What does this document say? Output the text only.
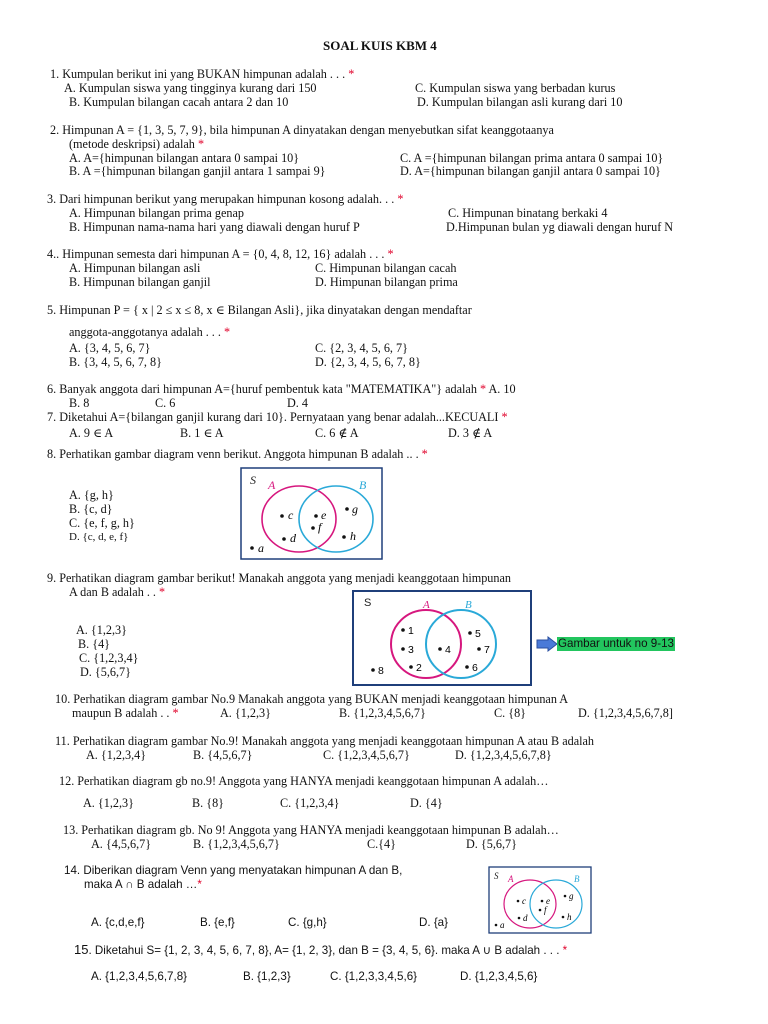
SOAL KUIS KBM 4
1. Kumpulan berikut ini yang BUKAN himpunan adalah . . . *
A. Kumpulan siswa yang tingginya kurang dari 150	C. Kumpulan siswa yang berbadan kurus
B. Kumpulan bilangan cacah antara 2 dan 10	D. Kumpulan bilangan asli kurang dari 10
2. Himpunan A = {1, 3, 5, 7, 9}, bila himpunan A dinyatakan dengan menyebutkan sifat keanggotaanya
(metode deskripsi) adalah *
A. A={himpunan bilangan antara 0 sampai 10}	C. A ={himpunan bilangan prima antara 0 sampai 10}
B. A ={himpunan bilangan ganjil antara 1 sampai 9}	D. A={himpunan bilangan ganjil antara 0 sampai 10}
3. Dari himpunan berikut yang merupakan himpunan kosong adalah. . . *
A. Himpunan bilangan prima genap	C. Himpunan binatang berkaki 4
B. Himpunan nama-nama hari yang diawali dengan huruf P	D.Himpunan bulan yg diawali dengan huruf N
4.. Himpunan semesta dari himpunan A = {0, 4, 8, 12, 16} adalah . . . *
A. Himpunan bilangan asli	C. Himpunan bilangan cacah
B. Himpunan bilangan ganjil	D. Himpunan bilangan prima
5. Himpunan P = { x | 2 ≤ x ≤ 8, x ∈ Bilangan Asli}, jika dinyatakan dengan mendaftar
anggota-anggotanya adalah . . . *
A. {3, 4, 5, 6, 7}	C. {2, 3, 4, 5, 6, 7}
B. {3, 4, 5, 6, 7, 8}	D. {2, 3, 4, 5, 6, 7, 8}
6. Banyak anggota dari himpunan A={huruf pembentuk kata "MATEMATIKA"} adalah * A. 10
B. 8	C. 6	D. 4
7. Diketahui A={bilangan ganjil kurang dari 10}. Pernyataan yang benar adalah...KECUALI *
A. 9 ∈ A	B. 1 ∈ A	C. 6 ∉ A	D. 3 ∉ A
8. Perhatikan gambar diagram venn berikut. Anggota himpunan B adalah .. . *
A. {g, h}
B. {c, d}
C. {e, f, g, h}
D. {c, d, e, f}
S A	B
c e g
f
d	h
a
9. Perhatikan diagram gambar berikut! Manakah anggota yang menjadi keanggotaan himpunan
A dan B adalah . . *
A. {1,2,3}
B. {4}
C. {1,2,3,4}
D. {5,6,7}
S	A	B
1	5
3	4	7
8	2	6
Gambar untuk no 9-13
10. Perhatikan diagram gambar No.9 Manakah anggota yang BUKAN menjadi keanggotaan himpunan A
maupun B adalah . . *	A. {1,2,3}	B. {1,2,3,4,5,6,7}	C. {8}	D. {1,2,3,4,5,6,7,8]
11. Perhatikan diagram gambar No.9! Manakah anggota yang menjadi keanggotaan himpunan A atau B adalah
A. {1,2,3,4}	B. {4,5,6,7}	C. {1,2,3,4,5,6,7}	D. {1,2,3,4,5,6,7,8}
12. Perhatikan diagram gb no.9! Anggota yang HANYA menjadi keanggotaan himpunan A adalah…
A. {1,2,3}	B. {8}	C. {1,2,3,4}	D. {4}
13. Perhatikan diagram gb. No 9! Anggota yang HANYA menjadi keanggotaan himpunan B adalah…
A. {4,5,6,7}	B. {1,2,3,4,5,6,7}	C.{4}	D. {5,6,7}
14. Diberikan diagram Venn yang menyatakan himpunan A dan B,
maka A ∩ B adalah …*
A. {c,d,e,f}	B. {e,f}	C. {g,h}	D. {a}
S A	B
c e g
f
d	h
a
15. Diketahui S= {1, 2, 3, 4, 5, 6, 7, 8}, A= {1, 2, 3}, dan B = {3, 4, 5, 6}. maka A ∪ B adalah . . . *
A. {1,2,3,4,5,6,7,8}	B. {1,2,3}	C. {1,2,3,3,4,5,6}	D. {1,2,3,4,5,6}
